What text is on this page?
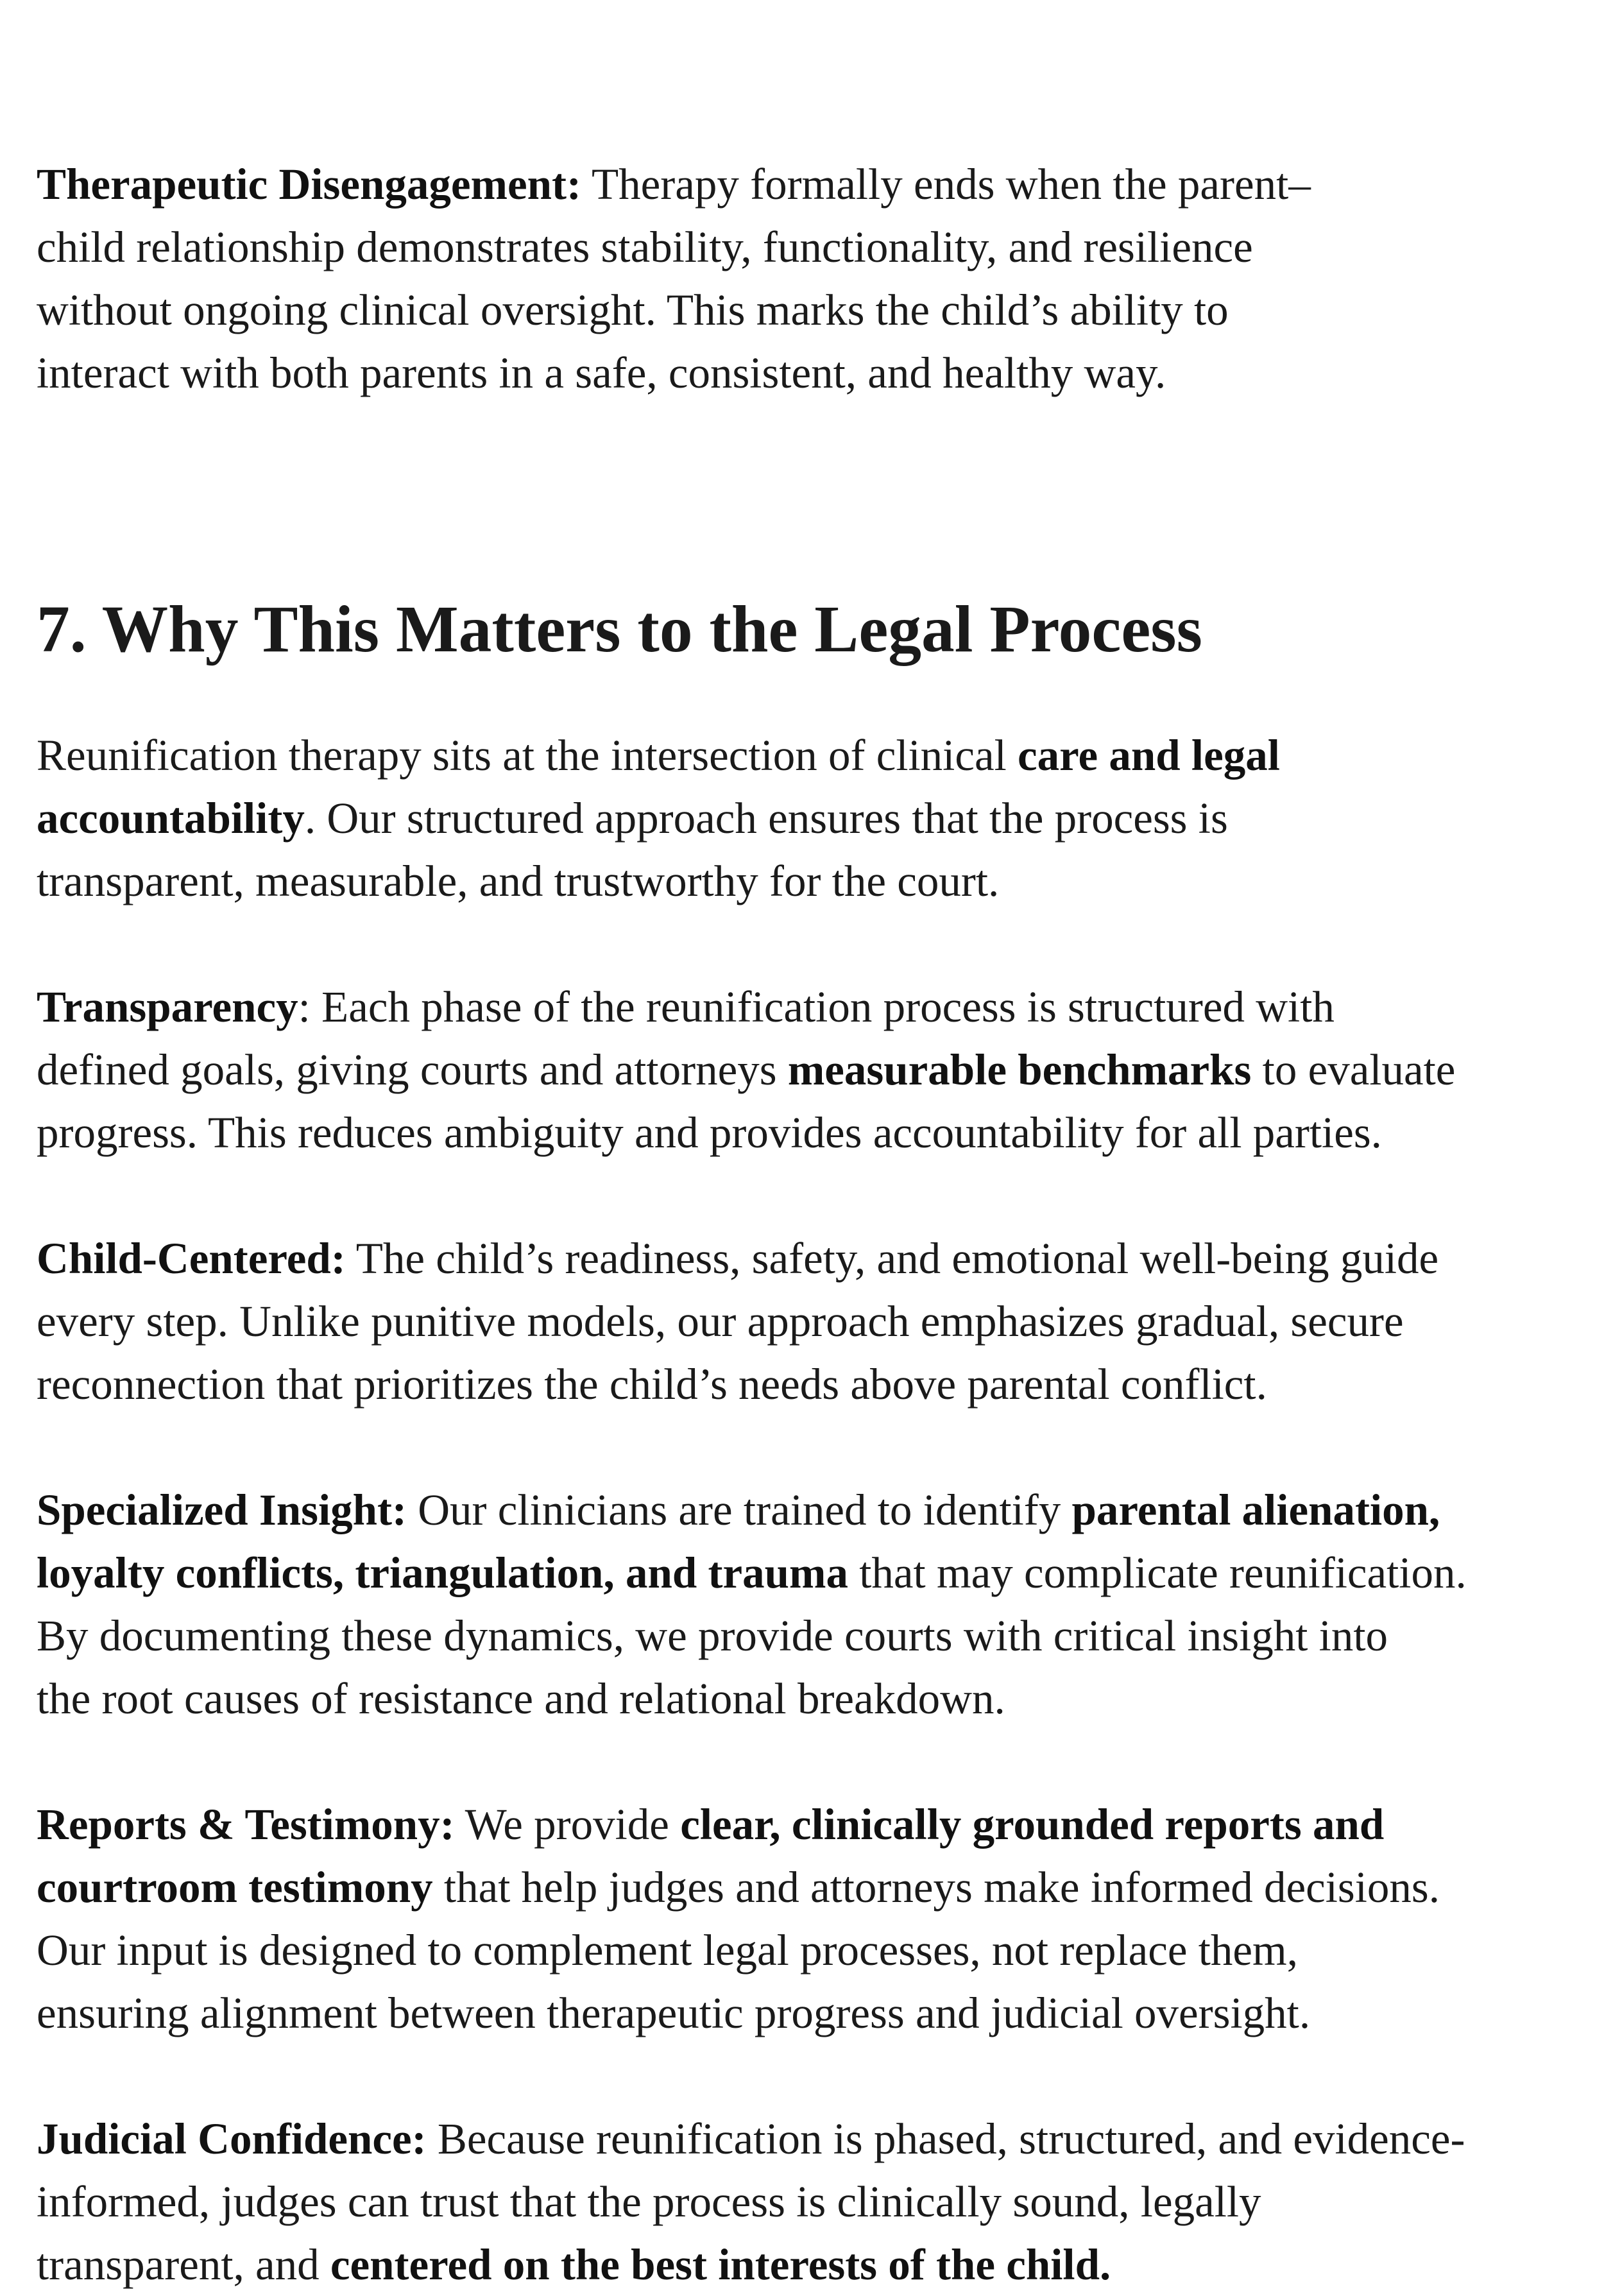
Therapeutic Disengagement: Therapy formally ends when the parent–
child relationship demonstrates stability, functionality, and resilience
without ongoing clinical oversight. This marks the child’s ability to
interact with both parents in a safe, consistent, and healthy way.

7. Why This Matters to the Legal Process

Reunification therapy sits at the intersection of clinical care and legal
accountability. Our structured approach ensures that the process is
transparent, measurable, and trustworthy for the court.

Transparency: Each phase of the reunification process is structured with
defined goals, giving courts and attorneys measurable benchmarks to evaluate
progress. This reduces ambiguity and provides accountability for all parties.

Child-Centered: The child’s readiness, safety, and emotional well-being guide
every step. Unlike punitive models, our approach emphasizes gradual, secure
reconnection that prioritizes the child’s needs above parental conflict.

Specialized Insight: Our clinicians are trained to identify parental alienation,
loyalty conflicts, triangulation, and trauma that may complicate reunification.
By documenting these dynamics, we provide courts with critical insight into
the root causes of resistance and relational breakdown.

Reports & Testimony: We provide clear, clinically grounded reports and
courtroom testimony that help judges and attorneys make informed decisions.
Our input is designed to complement legal processes, not replace them,
ensuring alignment between therapeutic progress and judicial oversight.

Judicial Confidence: Because reunification is phased, structured, and evidence-
informed, judges can trust that the process is clinically sound, legally
transparent, and centered on the best interests of the child.
